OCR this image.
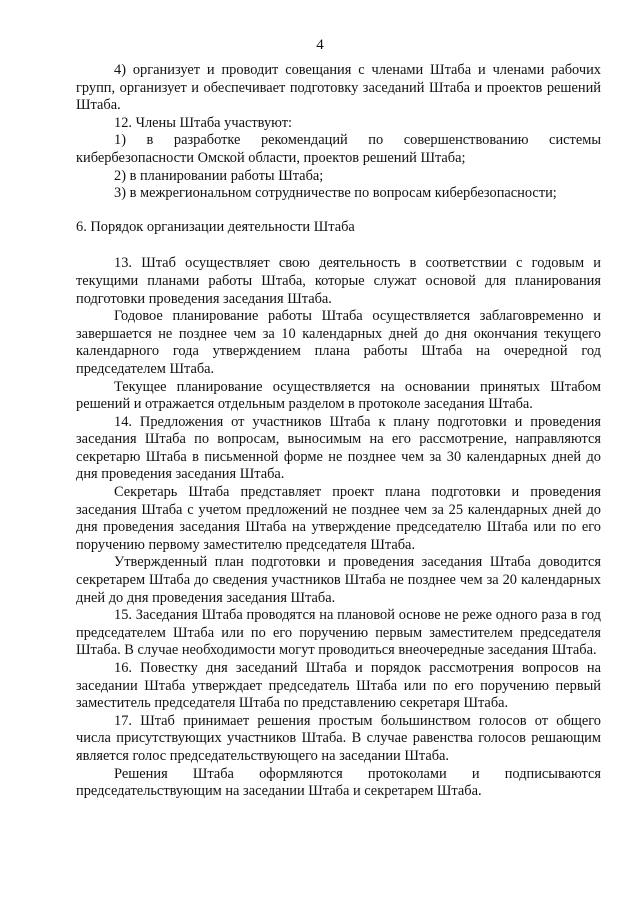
4

4) организует и проводит совещания с членами Штаба и членами рабочих групп, организует и обеспечивает подготовку заседаний Штаба и проектов решений Штаба.

12. Члены Штаба участвуют:

1) в разработке рекомендаций по совершенствованию системы кибербезопасности Омской области, проектов решений Штаба;

2) в планировании работы Штаба;

3) в межрегиональном сотрудничестве по вопросам кибербезопасности;

6. Порядок организации деятельности Штаба

13. Штаб осуществляет свою деятельность в соответствии с годовым и текущими планами работы Штаба, которые служат основой для планирования подготовки проведения заседания Штаба.

Годовое планирование работы Штаба осуществляется заблаговременно и завершается не позднее чем за 10 календарных дней до дня окончания текущего календарного года утверждением плана работы Штаба на очередной год председателем Штаба.

Текущее планирование осуществляется на основании принятых Штабом решений и отражается отдельным разделом в протоколе заседания Штаба.

14. Предложения от участников Штаба к плану подготовки и проведения заседания Штаба по вопросам, выносимым на его рассмотрение, направляются секретарю Штаба в письменной форме не позднее чем за 30 календарных дней до дня проведения заседания Штаба.

Секретарь Штаба представляет проект плана подготовки и проведения заседания Штаба с учетом предложений не позднее чем за 25 календарных дней до дня проведения заседания Штаба на утверждение председателю Штаба или по его поручению первому заместителю председателя Штаба.

Утвержденный план подготовки и проведения заседания Штаба доводится секретарем Штаба до сведения участников Штаба не позднее чем за 20 календарных дней до дня проведения заседания Штаба.

15. Заседания Штаба проводятся на плановой основе не реже одного раза в год председателем Штаба или по его поручению первым заместителем председателя Штаба. В случае необходимости могут проводиться внеочередные заседания Штаба.

16. Повестку дня заседаний Штаба и порядок рассмотрения вопросов на заседании Штаба утверждает председатель Штаба или по его поручению первый заместитель председателя Штаба по представлению секретаря Штаба.

17. Штаб принимает решения простым большинством голосов от общего числа присутствующих участников Штаба. В случае равенства голосов решающим является голос председательствующего на заседании Штаба.

Решения Штаба оформляются протоколами и подписываются председательствующим на заседании Штаба и секретарем Штаба.
